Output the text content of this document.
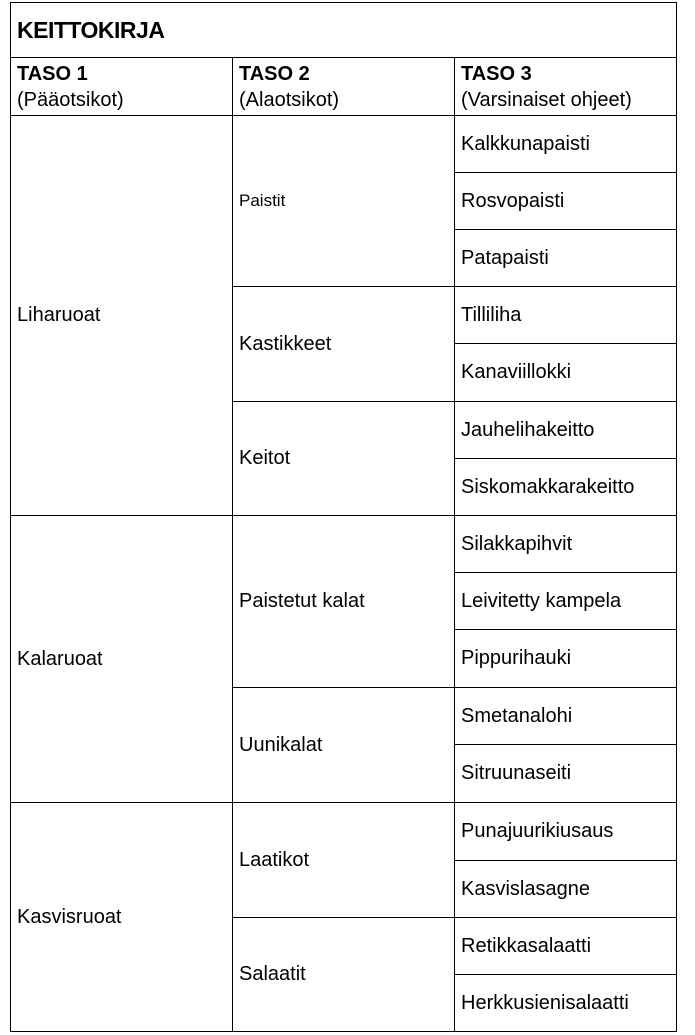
KEITTOKIRJA
TASO 1
(Pääotsikot)
TASO 2
(Alaotsikot)
TASO 3
(Varsinaiset ohjeet)
Liharuoat
Paistit
Kastikkeet
Keitot
Kalkkunapaisti
Rosvopaisti
Patapaisti
Tilliliha
Kanaviillokki
Jauhelihakeitto
Siskomakkarakeitto
Kalaruoat
Paistetut kalat
Uunikalat
Silakkapihvit
Leivitetty kampela
Pippurihauki
Smetanalohi
Sitruunaseiti
Kasvisruoat
Laatikot
Salaatit
Punajuurikiusaus
Kasvislasagne
Retikkasalaatti
Herkkusienisalaatti
